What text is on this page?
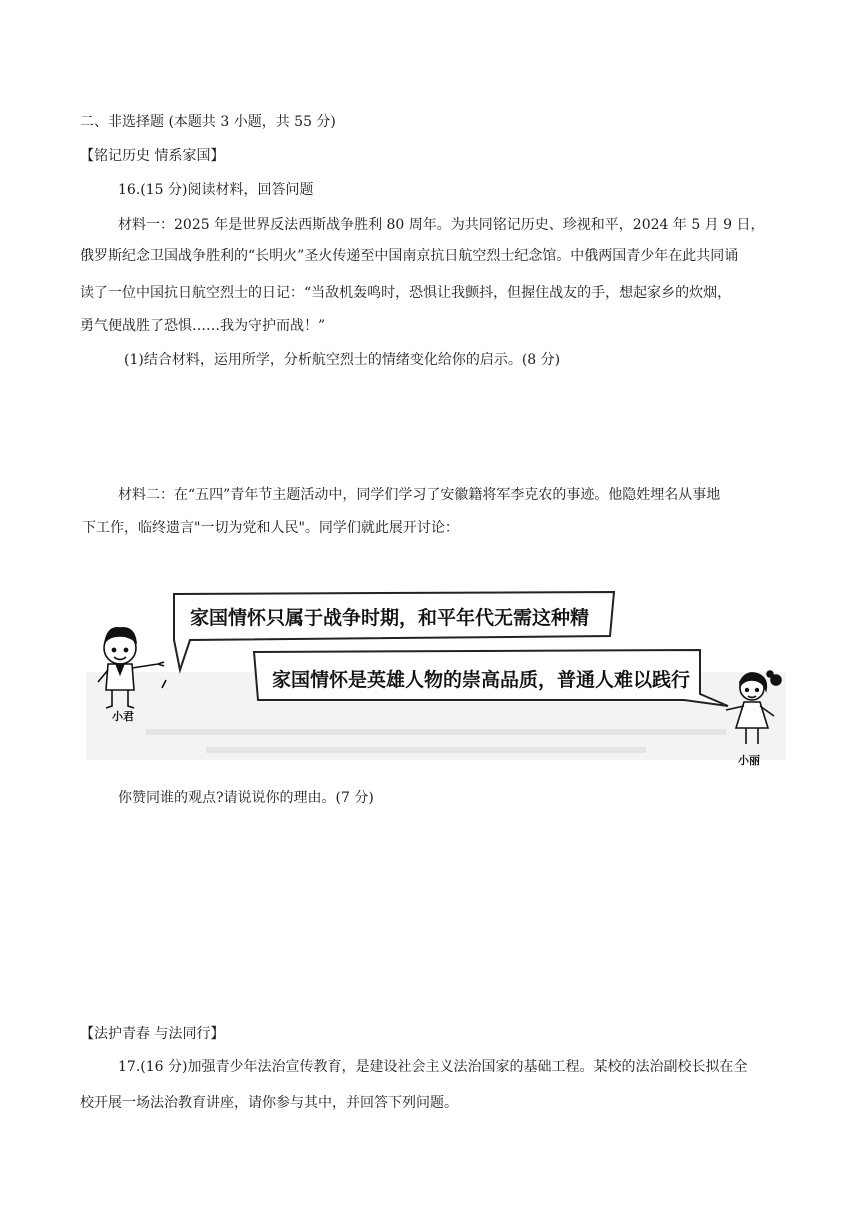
二、非选择题 (本题共 3 小题，共 55 分)
【铭记历史 情系家国】
16.(15 分)阅读材料，回答问题
材料一：2025 年是世界反法西斯战争胜利 80 周年。为共同铭记历史、珍视和平，2024 年 5 月 9 日，
俄罗斯纪念卫国战争胜利的“长明火”圣火传递至中国南京抗日航空烈士纪念馆。中俄两国青少年在此共同诵
读了一位中国抗日航空烈士的日记：“当敌机轰鸣时，恐惧让我颤抖，但握住战友的手，想起家乡的炊烟，
勇气便战胜了恐惧……我为守护而战！”
(1)结合材料，运用所学，分析航空烈士的情绪变化给你的启示。(8 分)
材料二：在“五四”青年节主题活动中，同学们学习了安徽籍将军李克农的事迹。他隐姓埋名从事地
下工作，临终遗言"一切为党和人民"。同学们就此展开讨论：
家国情怀只属于战争时期，和平年代无需这种精
家国情怀是英雄人物的崇高品质，普通人难以践行
小君
小丽
你赞同谁的观点?请说说你的理由。(7 分)
【法护青春 与法同行】
17.(16 分)加强青少年法治宣传教育，是建设社会主义法治国家的基础工程。某校的法治副校长拟在全
校开展一场法治教育讲座，请你参与其中，并回答下列问题。
